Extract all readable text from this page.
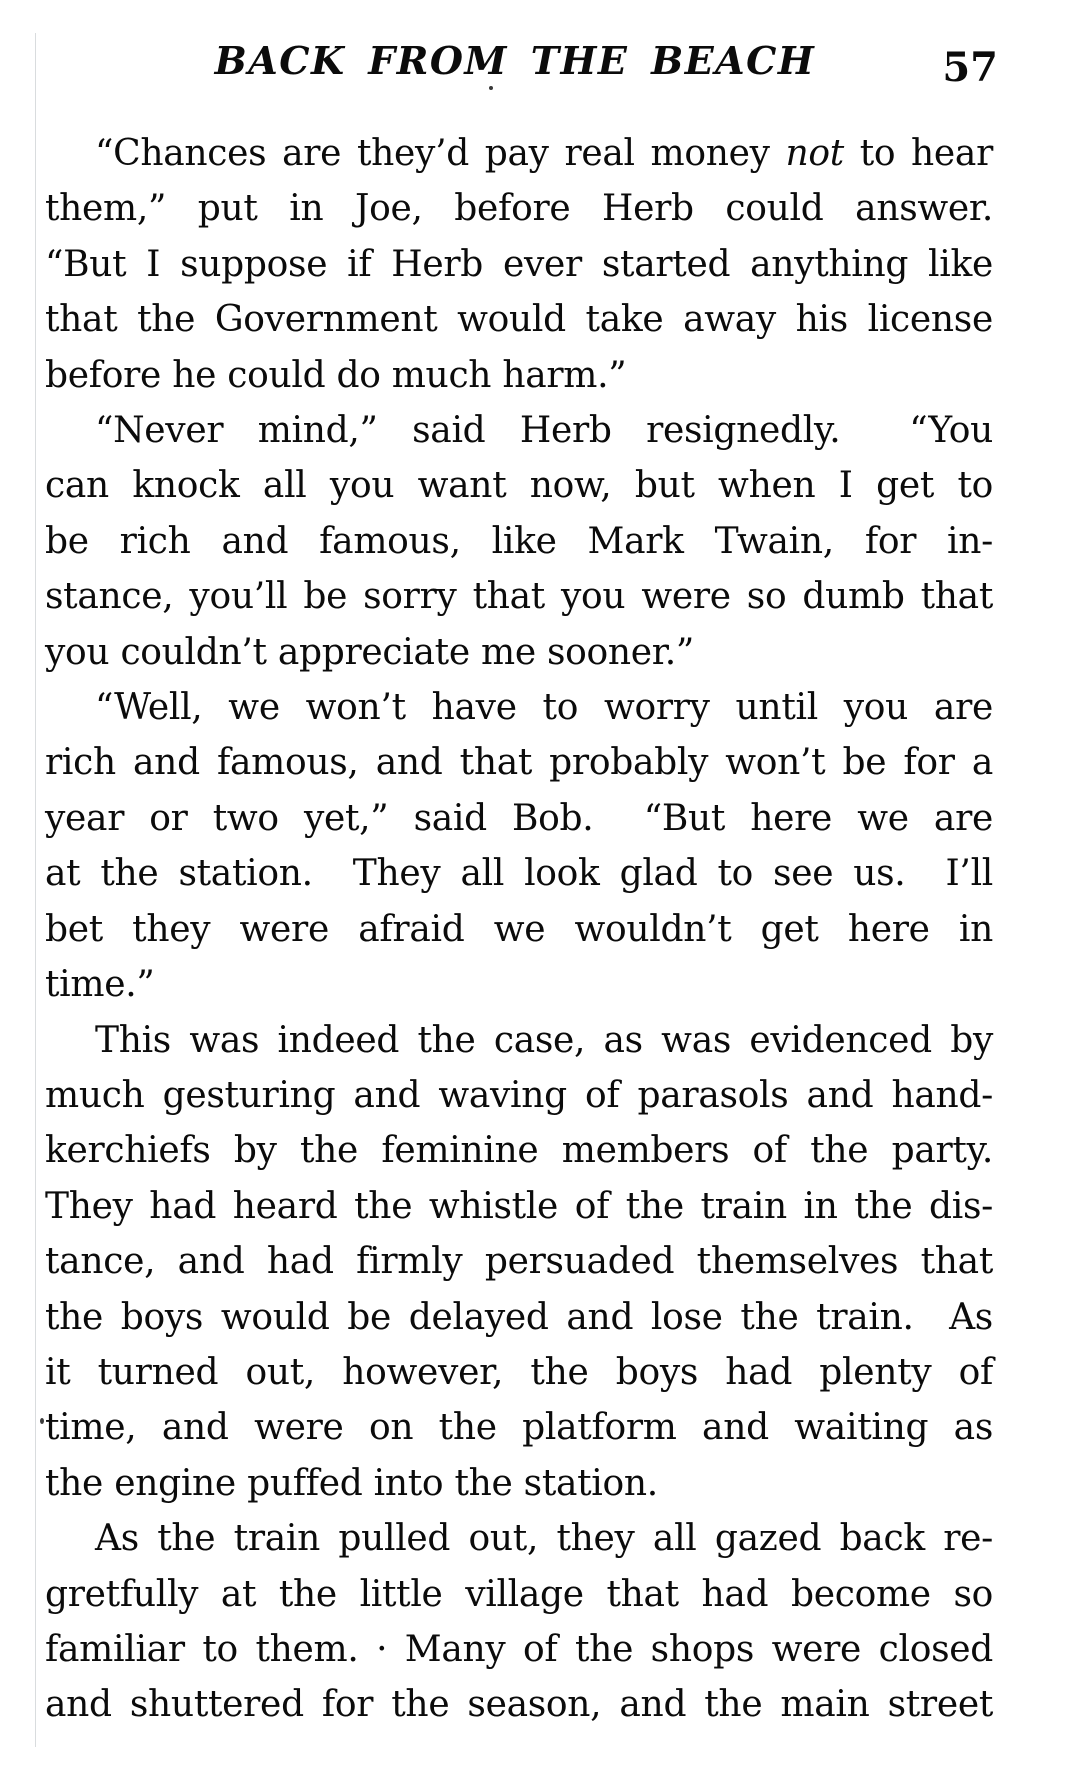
BACK FROM THE BEACH	57
“Chances are they’d pay real money not to hear
them,” put in Joe, before Herb could answer.
“But I suppose if Herb ever started anything like
that the Government would take away his license
before he could do much harm.”
“Never mind,” said Herb resignedly.  “You
can knock all you want now, but when I get to
be rich and famous, like Mark Twain, for in-
stance, you’ll be sorry that you were so dumb that
you couldn’t appreciate me sooner.”
“Well, we won’t have to worry until you are
rich and famous, and that probably won’t be for a
year or two yet,” said Bob.  “But here we are
at the station.  They all look glad to see us.  I’ll
bet they were afraid we wouldn’t get here in
time.”
This was indeed the case, as was evidenced by
much gesturing and waving of parasols and hand-
kerchiefs by the feminine members of the party.
They had heard the whistle of the train in the dis-
tance, and had firmly persuaded themselves that
the boys would be delayed and lose the train.  As
it turned out, however, the boys had plenty of
time, and were on the platform and waiting as
the engine puffed into the station.
As the train pulled out, they all gazed back re-
gretfully at the little village that had become so
familiar to them. · Many of the shops were closed
and shuttered for the season, and the main street
